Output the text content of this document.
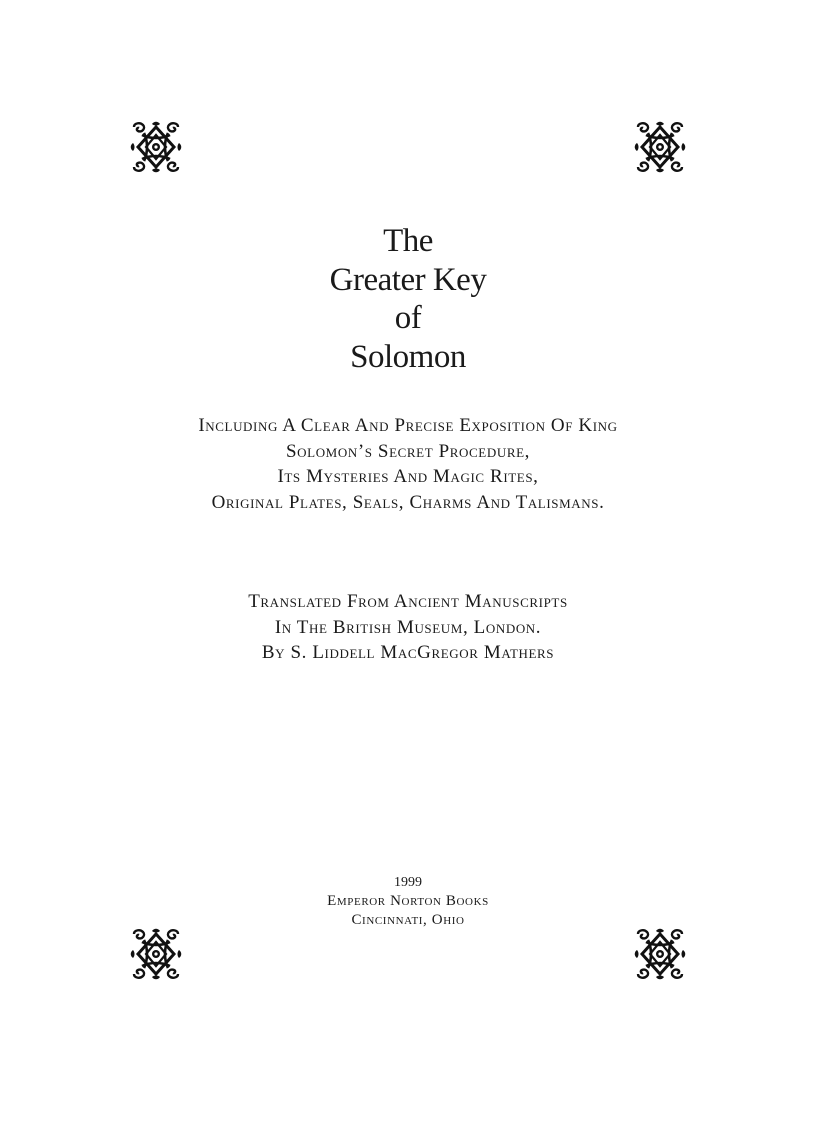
The
Greater Key
of
Solomon
Including A Clear And Precise Exposition Of King
Solomon’s Secret Procedure,
Its Mysteries And Magic Rites,
Original Plates, Seals, Charms And Talismans.
Translated From Ancient Manuscripts
In The British Museum, London.
By S. Liddell MacGregor Mathers
1999
Emperor Norton Books
Cincinnati, Ohio
